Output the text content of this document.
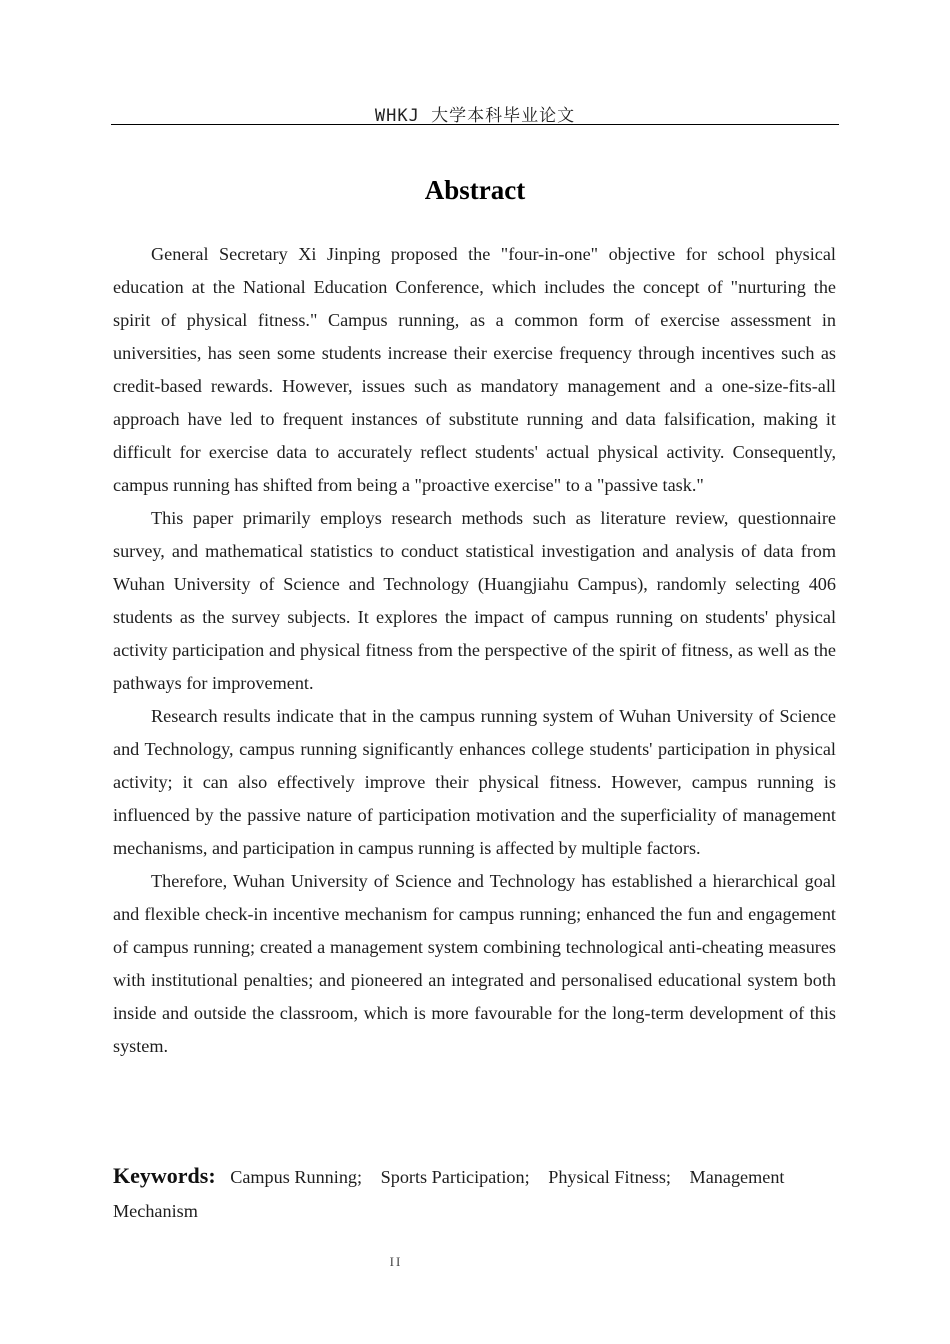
WHKJ 大学本科毕业论文
Abstract

General Secretary Xi Jinping proposed the "four-in-one" objective for school physical education at the National Education Conference, which includes the concept of "nurturing the spirit of physical fitness." Campus running, as a common form of exercise assessment in universities, has seen some students increase their exercise frequency through incentives such as credit-based rewards. However, issues such as mandatory management and a one-size-fits-all approach have led to frequent instances of substitute running and data falsification, making it difficult for exercise data to accurately reflect students' actual physical activity. Consequently, campus running has shifted from being a "proactive exercise" to a "passive task."

This paper primarily employs research methods such as literature review, questionnaire survey, and mathematical statistics to conduct statistical investigation and analysis of data from Wuhan University of Science and Technology (Huangjiahu Campus), randomly selecting 406 students as the survey subjects. It explores the impact of campus running on students' physical activity participation and physical fitness from the perspective of the spirit of fitness, as well as the pathways for improvement.

Research results indicate that in the campus running system of Wuhan University of Science and Technology, campus running significantly enhances college students' participation in physical activity; it can also effectively improve their physical fitness. However, campus running is influenced by the passive nature of participation motivation and the superficiality of management mechanisms, and participation in campus running is affected by multiple factors.

Therefore, Wuhan University of Science and Technology has established a hierarchical goal and flexible check-in incentive mechanism for campus running; enhanced the fun and engagement of campus running; created a management system combining technological anti-cheating measures with institutional penalties; and pioneered an integrated and personalised educational system both inside and outside the classroom, which is more favourable for the long-term development of this system.

Keywords: Campus Running; Sports Participation; Physical Fitness; Management Mechanism
II
